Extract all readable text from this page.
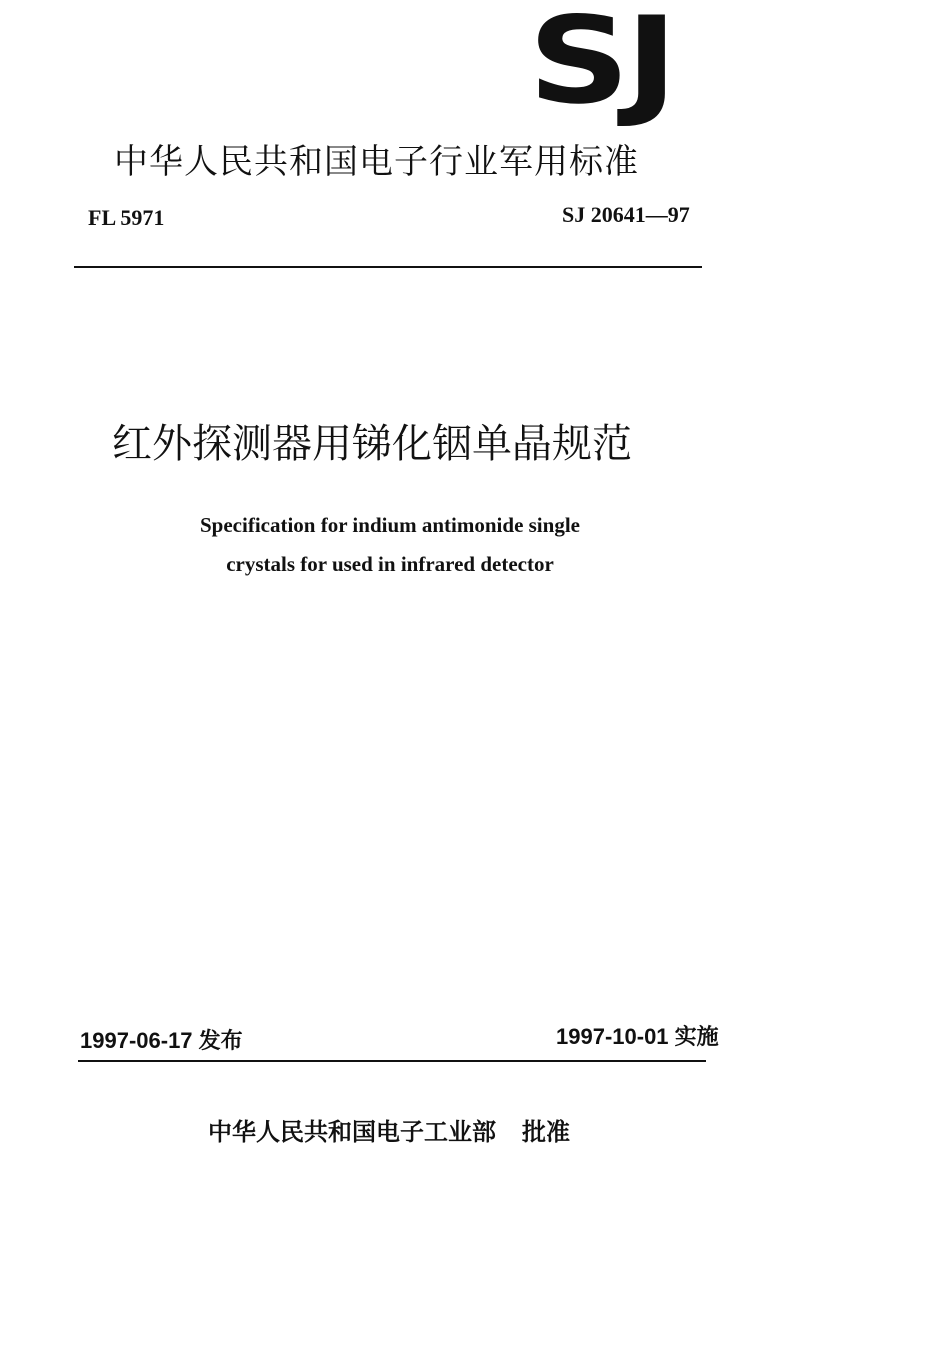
SJ
中华人民共和国电子行业军用标准
FL 5971	SJ 20641—97
红外探测器用锑化铟单晶规范
Specification for indium antimonide single
crystals for used in infrared detector
1997-06-17 发布	1997-10-01 实施
中华人民共和国电子工业部 批准
